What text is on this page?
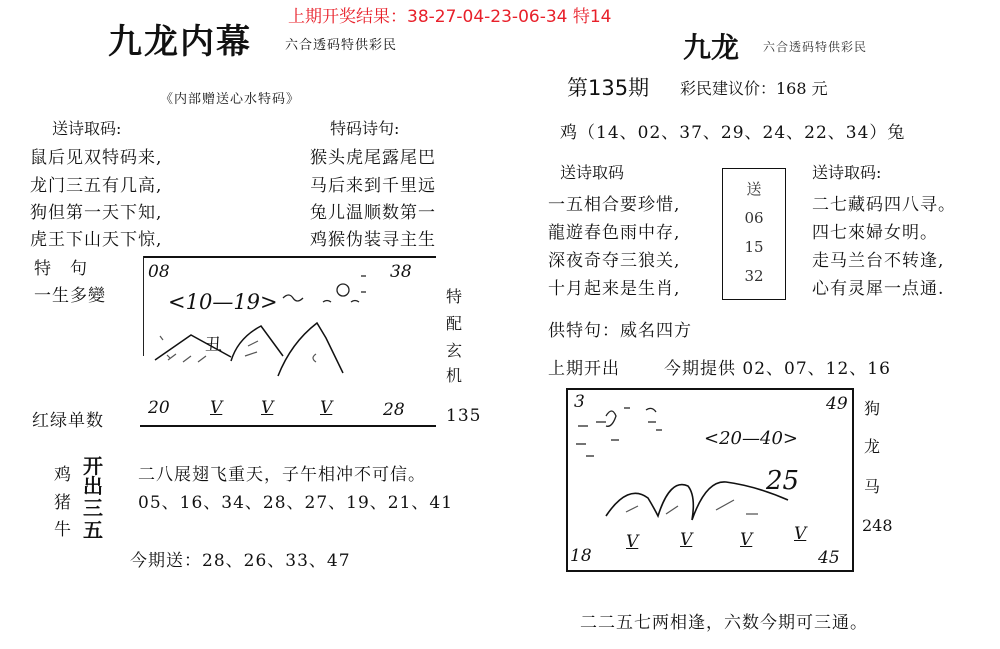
上期开奖结果：38-27-04-23-06-34 特14
九龙内幕	六合透码特供彩民
《内部赠送心水特码》
送诗取码:
鼠后见双特码来,
龙门三五有几高,
狗但第一天下知,
虎王下山天下惊,
特码诗句:
猴头虎尾露尾巴
马后来到千里远
兔儿温顺数第一
鸡猴伪装寻主生
特　句
一生多變
08	38
<10—19>
丑
20 V V	V	28
特
配
玄
机
红绿单数	135
鸡
猪
牛
开
出
三
五
二八展翅飞重天，子午相冲不可信。
05、16、34、28、27、19、21、41
今期送：28、26、33、47
九龙 六合透码特供彩民
第135期 彩民建议价：168 元
鸡（14、02、37、29、24、22、34）兔
送诗取码
一五相合要珍惜,
龍遊春色雨中存,
深夜奇夺三狼关,
十月起来是生肖,
送
06
15
32
送诗取码:
二七藏码四八寻。
四七來婦女明。
走马兰台不转逢,
心有灵犀一点通.
供特句：威名四方
上期开出	今期提供 02、07、12、16
3	49
<20—40>
25
18
V V	V V
45
狗
龙
马
248
二二五七两相逢，六数今期可三通。
